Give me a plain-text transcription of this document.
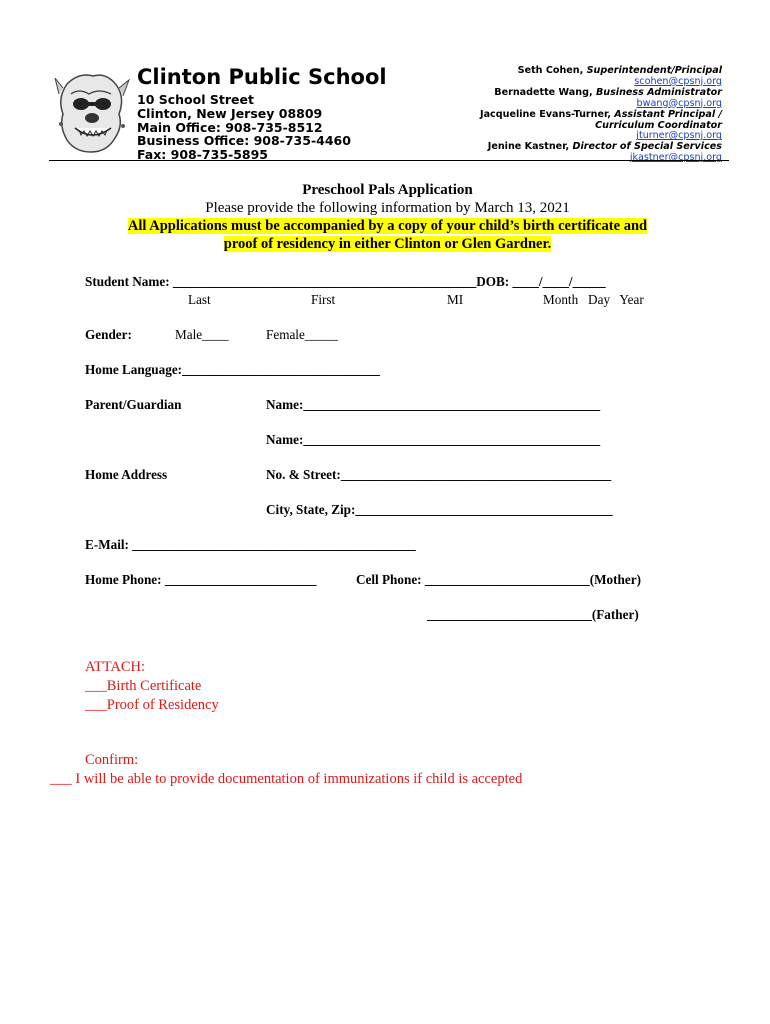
Clinton Public School
10 School Street
Clinton, New Jersey 08809
Main Office: 908-735-8512
Business Office: 908-735-4460
Fax: 908-735-5895
Seth Cohen, Superintendent/Principal
scohen@cpsnj.org
Bernadette Wang, Business Administrator
bwang@cpsnj.org
Jacqueline Evans-Turner, Assistant Principal /
Curriculum Coordinator
jturner@cpsnj.org
Jenine Kastner, Director of Special Services
jkastner@cpsnj.org
Preschool Pals Application
Please provide the following information by March 13, 2021
All Applications must be accompanied by a copy of your child’s birth certificate and
proof of residency in either Clinton or Glen Gardner.
Student Name: ______________________________________________DOB: ____/____/_____
Last	First	MI	Month   Day   Year
Gender:	Male____	Female_____
Home Language:______________________________
Parent/Guardian	Name:_____________________________________________
Name:_____________________________________________
Home Address	No. & Street:_________________________________________
City, State, Zip:_______________________________________
E-Mail: ___________________________________________
Home Phone: _______________________	Cell Phone: _________________________(Mother)
_________________________(Father)
ATTACH:
___Birth Certificate
___Proof of Residency
Confirm:
___ I will be able to provide documentation of immunizations if child is accepted
